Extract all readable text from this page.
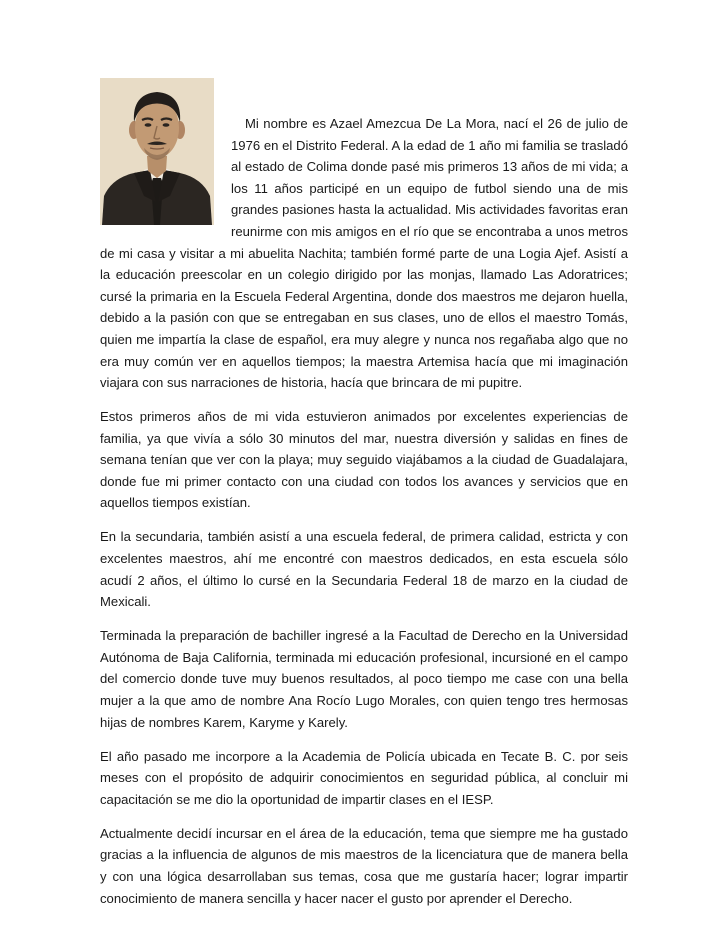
Mi nombre es Azael Amezcua De La Mora, nací el 26 de julio de 1976 en el Distrito Federal. A la edad de 1 año mi familia se trasladó al estado de Colima donde pasé mis primeros 13 años de mi vida; a los 11 años participé en un equipo de futbol siendo una de mis grandes pasiones hasta la actualidad. Mis actividades favoritas eran reunirme con mis amigos en el río que se encontraba a unos metros de mi casa y visitar a mi abuelita Nachita; también formé parte de una Logia Ajef. Asistí a la educación preescolar en un colegio dirigido por las monjas, llamado Las Adoratrices; cursé la primaria en la Escuela Federal Argentina, donde dos maestros me dejaron huella, debido a la pasión con que se entregaban en sus clases, uno de ellos el maestro Tomás, quien me impartía la clase de español, era muy alegre y nunca nos regañaba algo que no era muy común ver en aquellos tiempos; la maestra Artemisa hacía que mi imaginación viajara con sus narraciones de historia, hacía que brincara de mi pupitre.

Estos primeros años de mi vida estuvieron animados por excelentes experiencias de familia, ya que vivía a sólo 30 minutos del mar, nuestra diversión y salidas en fines de semana tenían que ver con la playa; muy seguido viajábamos a la ciudad de Guadalajara, donde fue mi primer contacto con una ciudad con todos los avances y servicios que en aquellos tiempos existían.

En la secundaria, también asistí a una escuela federal, de primera calidad, estricta y con excelentes maestros, ahí me encontré con maestros dedicados, en esta escuela sólo acudí 2 años, el último lo cursé en la Secundaria Federal 18 de marzo en la ciudad de Mexicali.

Terminada la preparación de bachiller ingresé a la Facultad de Derecho en la Universidad Autónoma de Baja California, terminada mi educación profesional, incursioné en el campo del comercio donde tuve muy buenos resultados, al poco tiempo me case con una bella mujer a la que amo de nombre Ana Rocío Lugo Morales, con quien tengo tres hermosas hijas de nombres Karem, Karyme y Karely.

El año pasado me incorpore a la Academia de Policía ubicada en Tecate B. C. por seis meses con el propósito de adquirir conocimientos en seguridad pública, al concluir mi capacitación se me dio la oportunidad de impartir clases en el IESP.

Actualmente decidí incursar en el área de la educación, tema que siempre me ha gustado gracias a la influencia de algunos de mis maestros de la licenciatura que de manera bella y con una lógica desarrollaban sus temas, cosa que me gustaría hacer; lograr impartir conocimiento de manera sencilla y hacer nacer el gusto por aprender el Derecho.
